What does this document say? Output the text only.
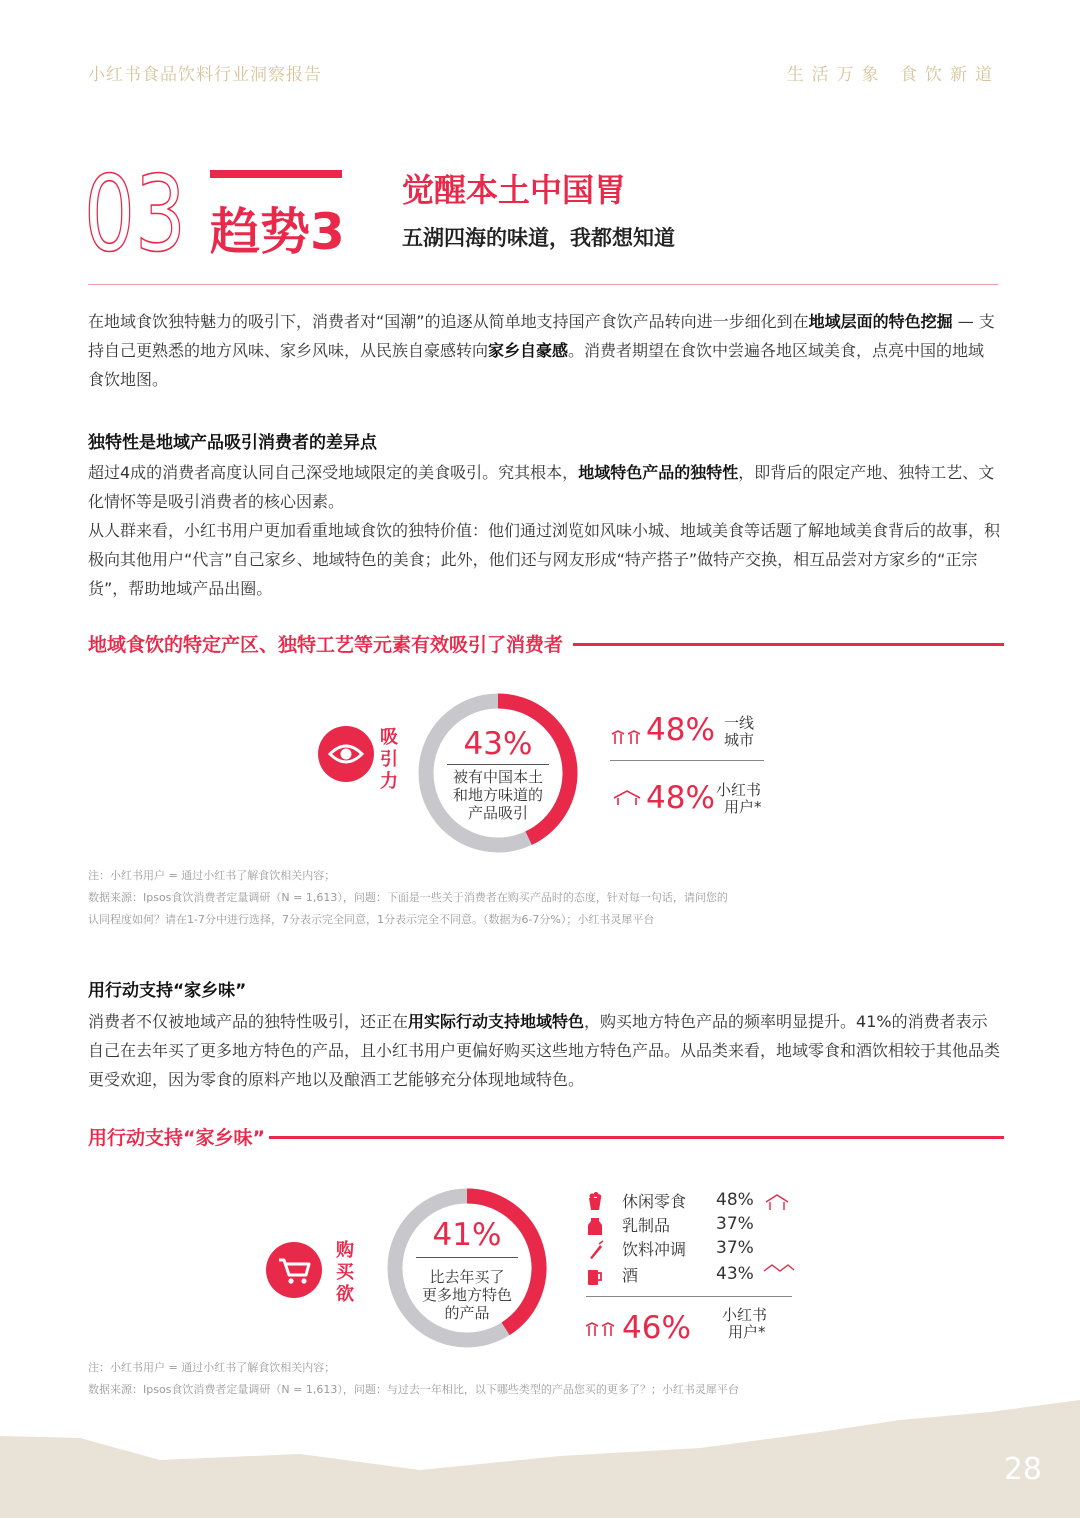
小红书食品饮料行业洞察报告	生活万象 食饮新道
03 趋势3
觉醒本土中国胃
五湖四海的味道，我都想知道
在地域食饮独特魅力的吸引下，消费者对“国潮”的追逐从简单地支持国产食饮产品转向进一步细化到在地域层面的特色挖掘 — 支持自己更熟悉的地方风味、家乡风味，从民族自豪感转向家乡自豪感。消费者期望在食饮中尝遍各地区域美食，点亮中国的地域食饮地图。
独特性是地域产品吸引消费者的差异点
超过4成的消费者高度认同自己深受地域限定的美食吸引。究其根本，地域特色产品的独特性，即背后的限定产地、独特工艺、文化情怀等是吸引消费者的核心因素。
从人群来看，小红书用户更加看重地域食饮的独特价值：他们通过浏览如风味小城、地域美食等话题了解地域美食背后的故事，积极向其他用户“代言”自己家乡、地域特色的美食；此外，他们还与网友形成“特产搭子”做特产交换，相互品尝对方家乡的“正宗货”，帮助地域产品出圈。
地域食饮的特定产区、独特工艺等元素有效吸引了消费者
吸
引
力
43%
被有中国本土
和地方味道的
产品吸引
48% 一线
城市
48% 小红书
用户*
注：小红书用户 = 通过小红书了解食饮相关内容；
数据来源：Ipsos食饮消费者定量调研（N = 1,613），问题：下面是一些关于消费者在购买产品时的态度，针对每一句话，请问您的
认同程度如何？请在1-7分中进行选择，7分表示完全同意，1分表示完全不同意。（数据为6-7分%）；小红书灵犀平台
用行动支持“家乡味”
消费者不仅被地域产品的独特性吸引，还正在用实际行动支持地域特色，购买地方特色产品的频率明显提升。41%的消费者表示自己在去年买了更多地方特色的产品，且小红书用户更偏好购买这些地方特色产品。从品类来看，地域零食和酒饮相较于其他品类更受欢迎，因为零食的原料产地以及酿酒工艺能够充分体现地域特色。
用行动支持“家乡味”
购
买
欲
41%
比去年买了
更多地方特色
的产品
休闲零食 48%
乳制品	37%
饮料冲调 37%
酒	43%
46% 小红书
用户*
注：小红书用户 = 通过小红书了解食饮相关内容；
数据来源：Ipsos食饮消费者定量调研（N = 1,613），问题：与过去一年相比，以下哪些类型的产品您买的更多了？；小红书灵犀平台
28
